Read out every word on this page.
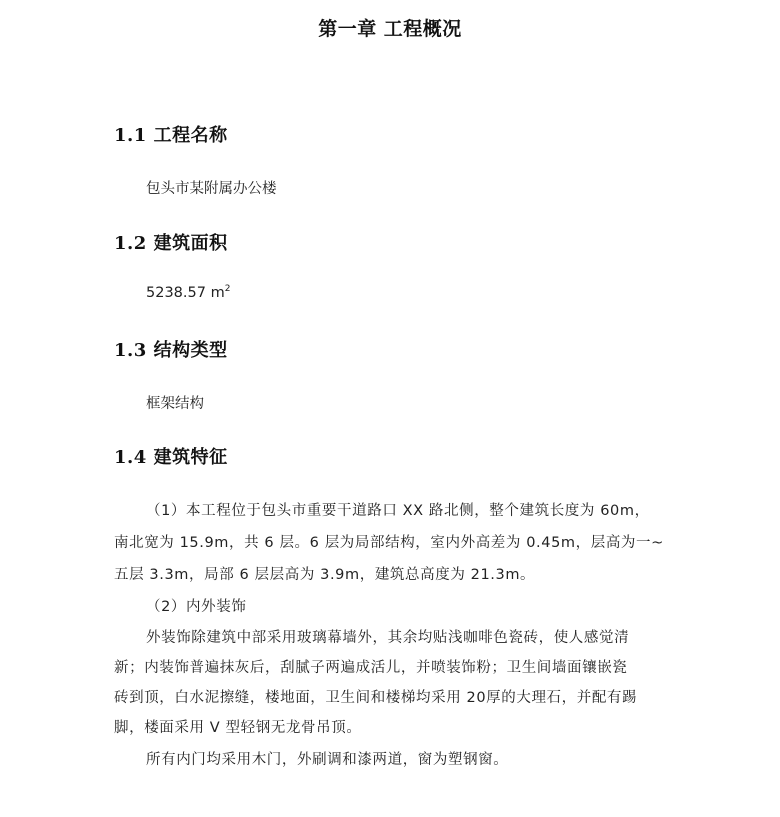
第一章 工程概况
1.1 工程名称
包头市某附属办公楼
1.2 建筑面积
5238.57 $m^2$
1.3 结构类型
框架结构
1.4 建筑特征
（1）本工程位于包头市重要干道路口 XX 路北侧，整个建筑长度为 60m，
南北宽为 15.9m，共 6 层。6 层为局部结构，室内外高差为 0.45m，层高为一~
五层 3.3m，局部 6 层层高为 3.9m，建筑总高度为 21.3m。
（2）内外装饰
外装饰除建筑中部采用玻璃幕墙外，其余均贴浅咖啡色瓷砖，使人感觉清
新；内装饰普遍抹灰后，刮腻子两遍成活儿，并喷装饰粉；卫生间墙面镶嵌瓷
砖到顶，白水泥擦缝，楼地面，卫生间和楼梯均采用 20厚的大理石，并配有踢
脚，楼面采用 V 型轻钢无龙骨吊顶。
所有内门均采用木门，外刷调和漆两道，窗为塑钢窗。
